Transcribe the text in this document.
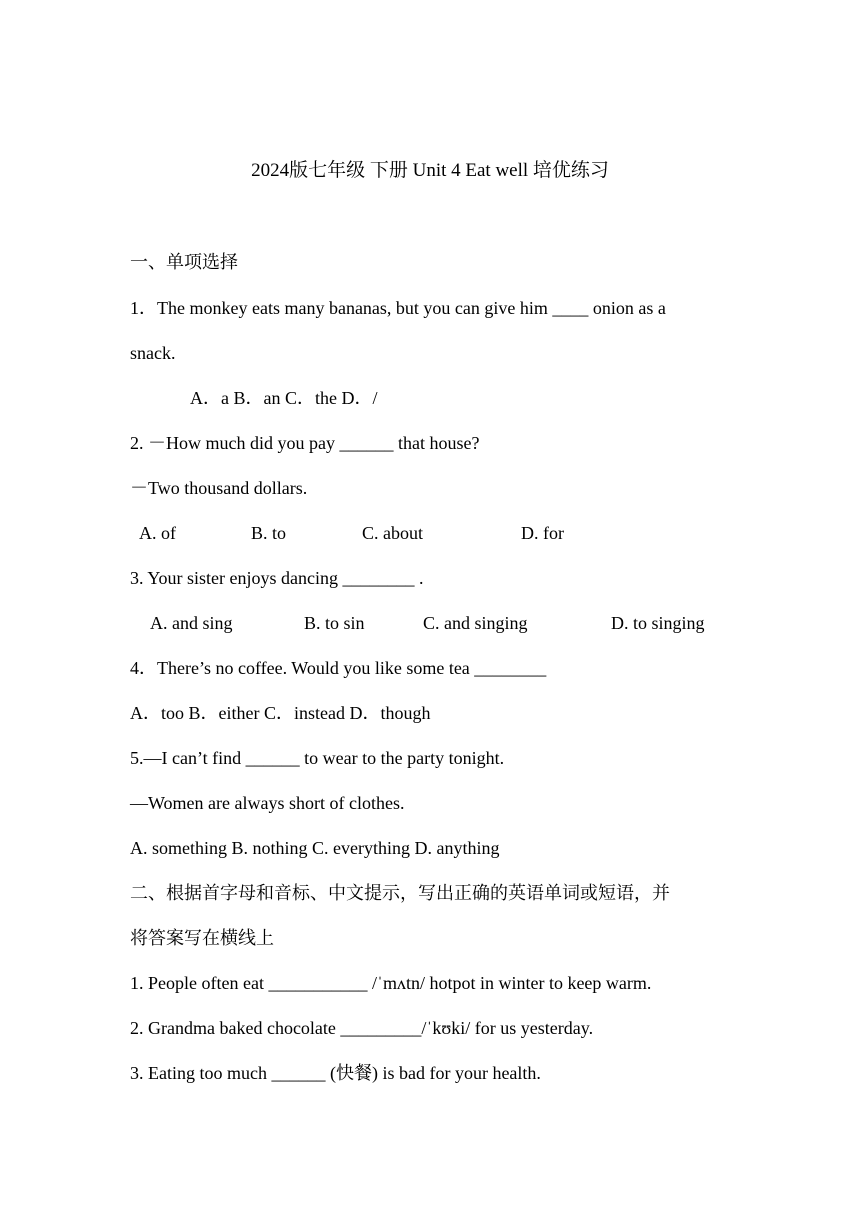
2024版七年级 下册 Unit 4 Eat well 培优练习
一、单项选择
1．The monkey eats many bananas, but you can give him ____ onion as a
snack.
A．a B．an C．the D．/
2. －How much did you pay ______ that house?
－Two thousand dollars.
A. of	B. to	C. about	D. for
3. Your sister enjoys dancing ________ .
A. and sing	B. to sin	C. and singing	D. to singing
4．There’s no coffee. Would you like some tea ________
A．too B．either C．instead D．though
5.—I can’t find ______ to wear to the party tonight.
—Women are always short of clothes.
A. something B. nothing C. everything D. anything
二、根据首字母和音标、中文提示，写出正确的英语单词或短语，并
将答案写在横线上
1. People often eat ___________ /ˈmʌtn/ hotpot in winter to keep warm.
2. Grandma baked chocolate _________/ˈkʊki/ for us yesterday.
3. Eating too much ______ (快餐) is bad for your health.
